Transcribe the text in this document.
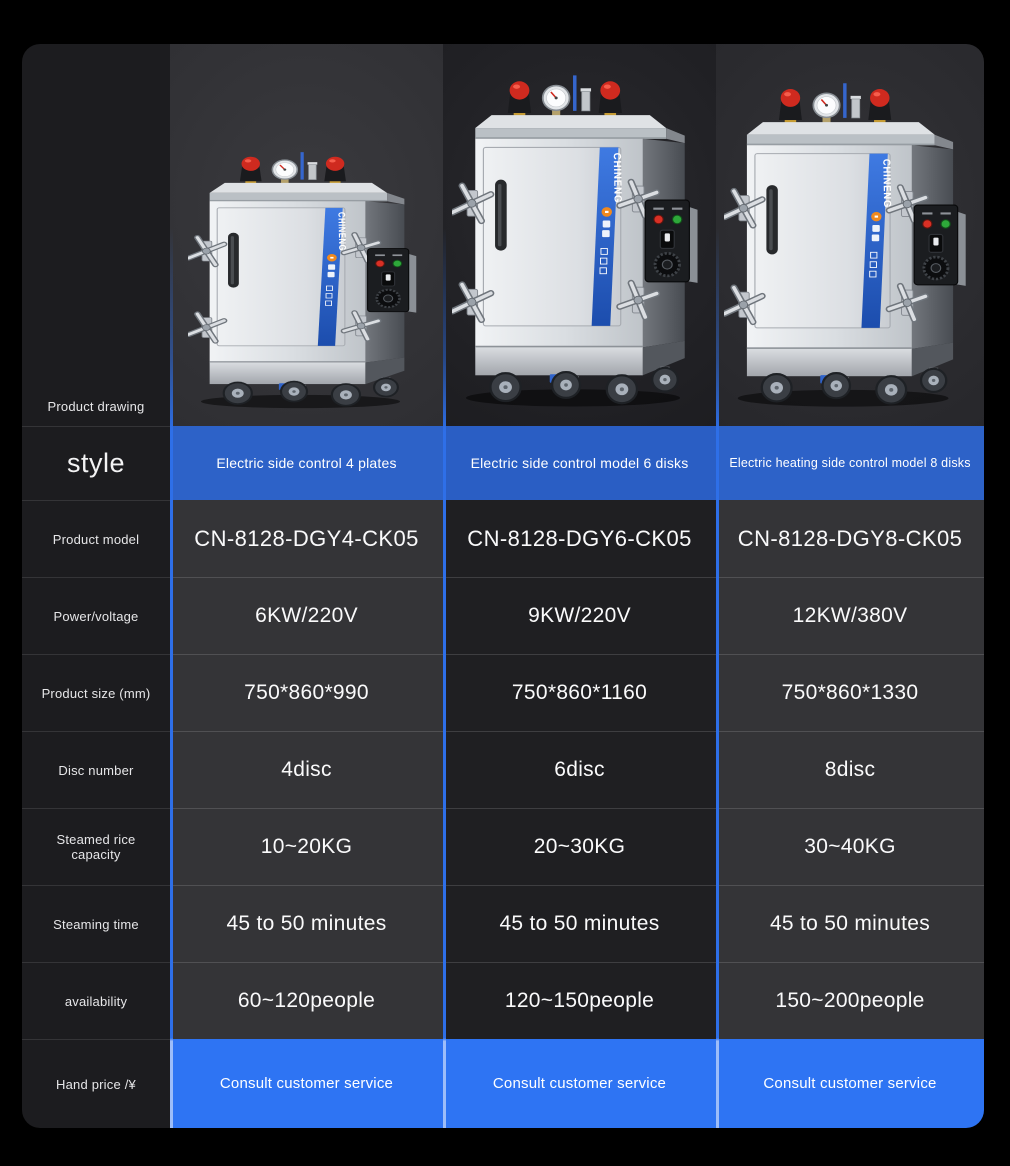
Product drawing
style
Product model
Power/voltage
Product size (mm)
Disc number
Steamed rice capacity
Steaming time
availability
Hand price /¥
Electric side control 4 plates
CN-8128-DGY4-CK05
6KW/220V
750*860*990
4disc
10~20KG
45 to 50 minutes
60~120people
Consult customer service
Electric side control model 6 disks
CN-8128-DGY6-CK05
9KW/220V
750*860*1160
6disc
20~30KG
45 to 50 minutes
120~150people
Consult customer service
Electric heating side control model 8 disks
CN-8128-DGY8-CK05
12KW/380V
750*860*1330
8disc
30~40KG
45 to 50 minutes
150~200people
Consult customer service
